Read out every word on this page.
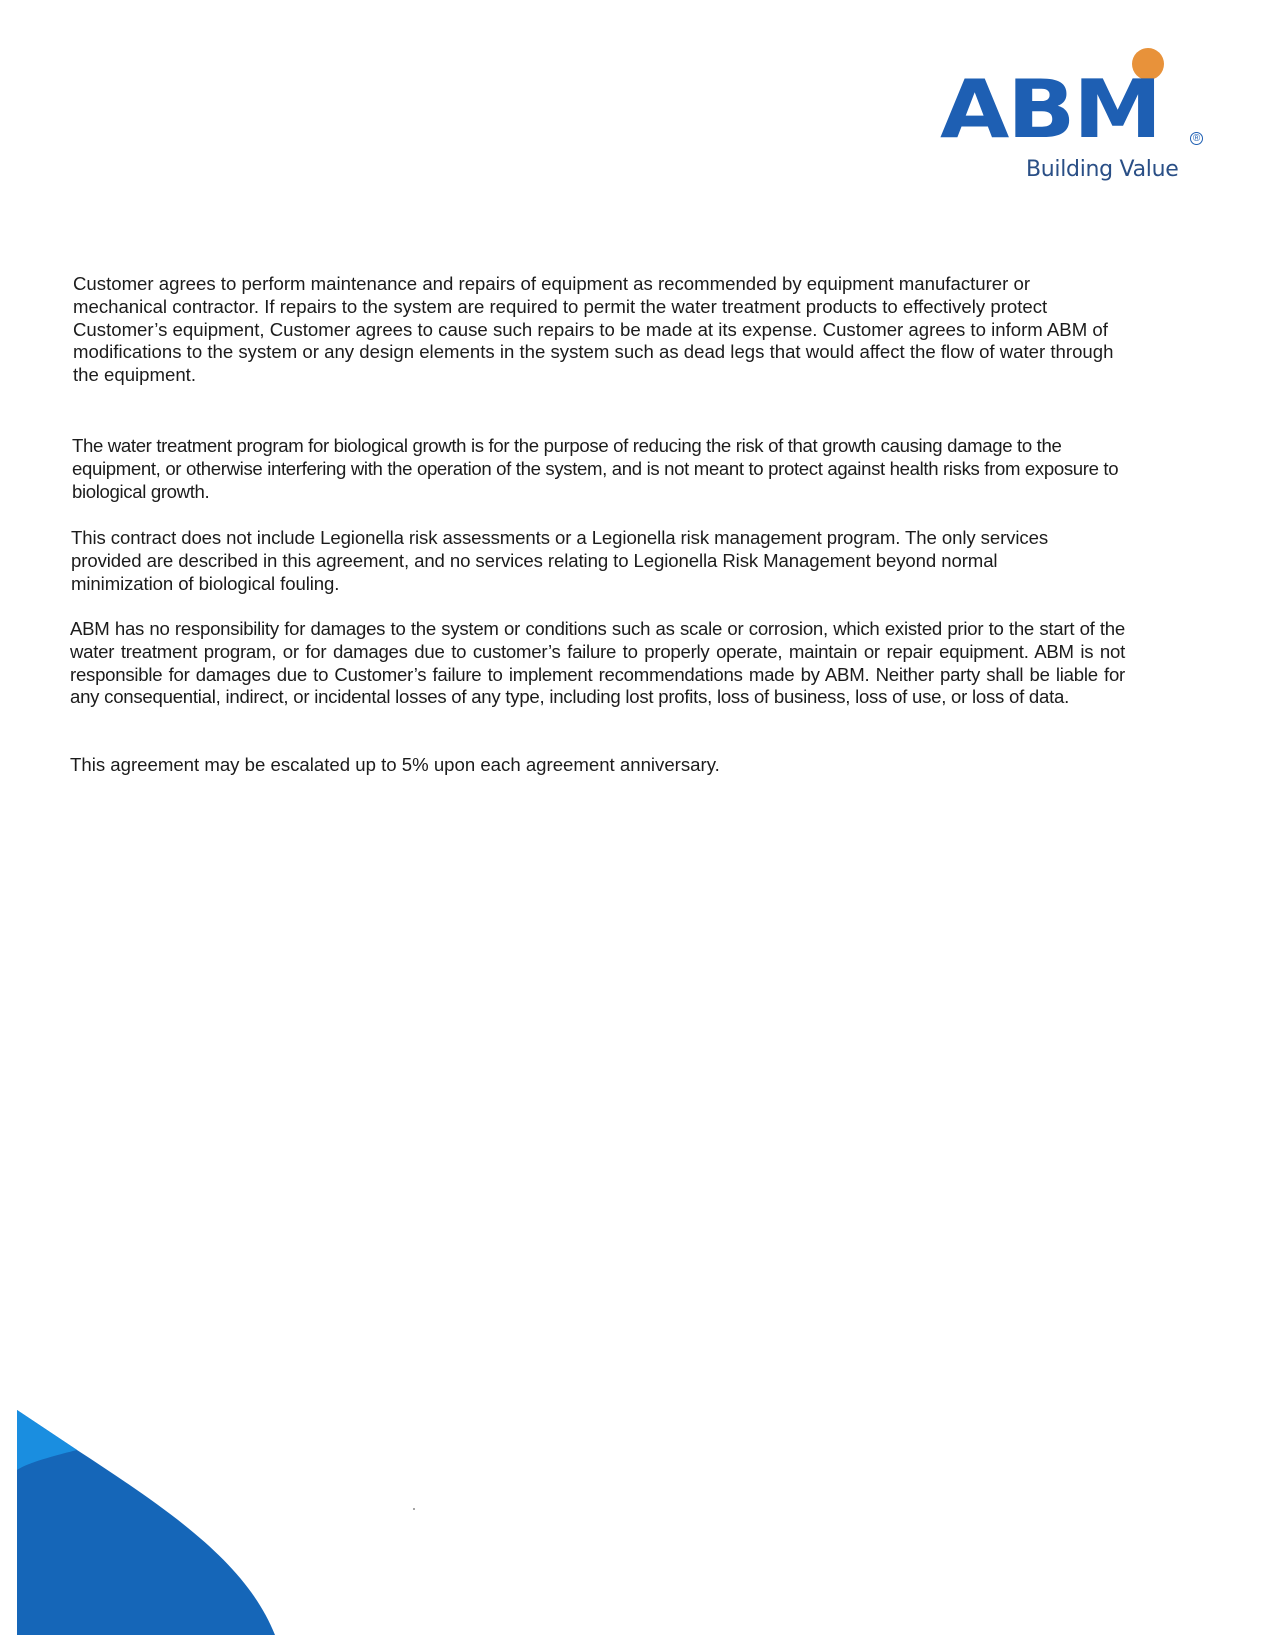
ABM	®
Building Value

Customer agrees to perform maintenance and repairs of equipment as recommended by equipment manufacturer or mechanical contractor. If repairs to the system are required to permit the water treatment products to effectively protect Customer’s equipment, Customer agrees to cause such repairs to be made at its expense. Customer agrees to inform ABM of modifications to the system or any design elements in the system such as dead legs that would affect the flow of water through the equipment.

The water treatment program for biological growth is for the purpose of reducing the risk of that growth causing damage to the equipment, or otherwise interfering with the operation of the system, and is not meant to protect against health risks from exposure to biological growth.

This contract does not include Legionella risk assessments or a Legionella risk management program. The only services provided are described in this agreement, and no services relating to Legionella Risk Management beyond normal minimization of biological fouling.

ABM has no responsibility for damages to the system or conditions such as scale or corrosion, which existed prior to the start of the water treatment program, or for damages due to customer’s failure to properly operate, maintain or repair equipment. ABM is not responsible for damages due to Customer’s failure to implement recommendations made by ABM. Neither party shall be liable for any consequential, indirect, or incidental losses of any type, including lost profits, loss of business, loss of use, or loss of data.

This agreement may be escalated up to 5% upon each agreement anniversary.
